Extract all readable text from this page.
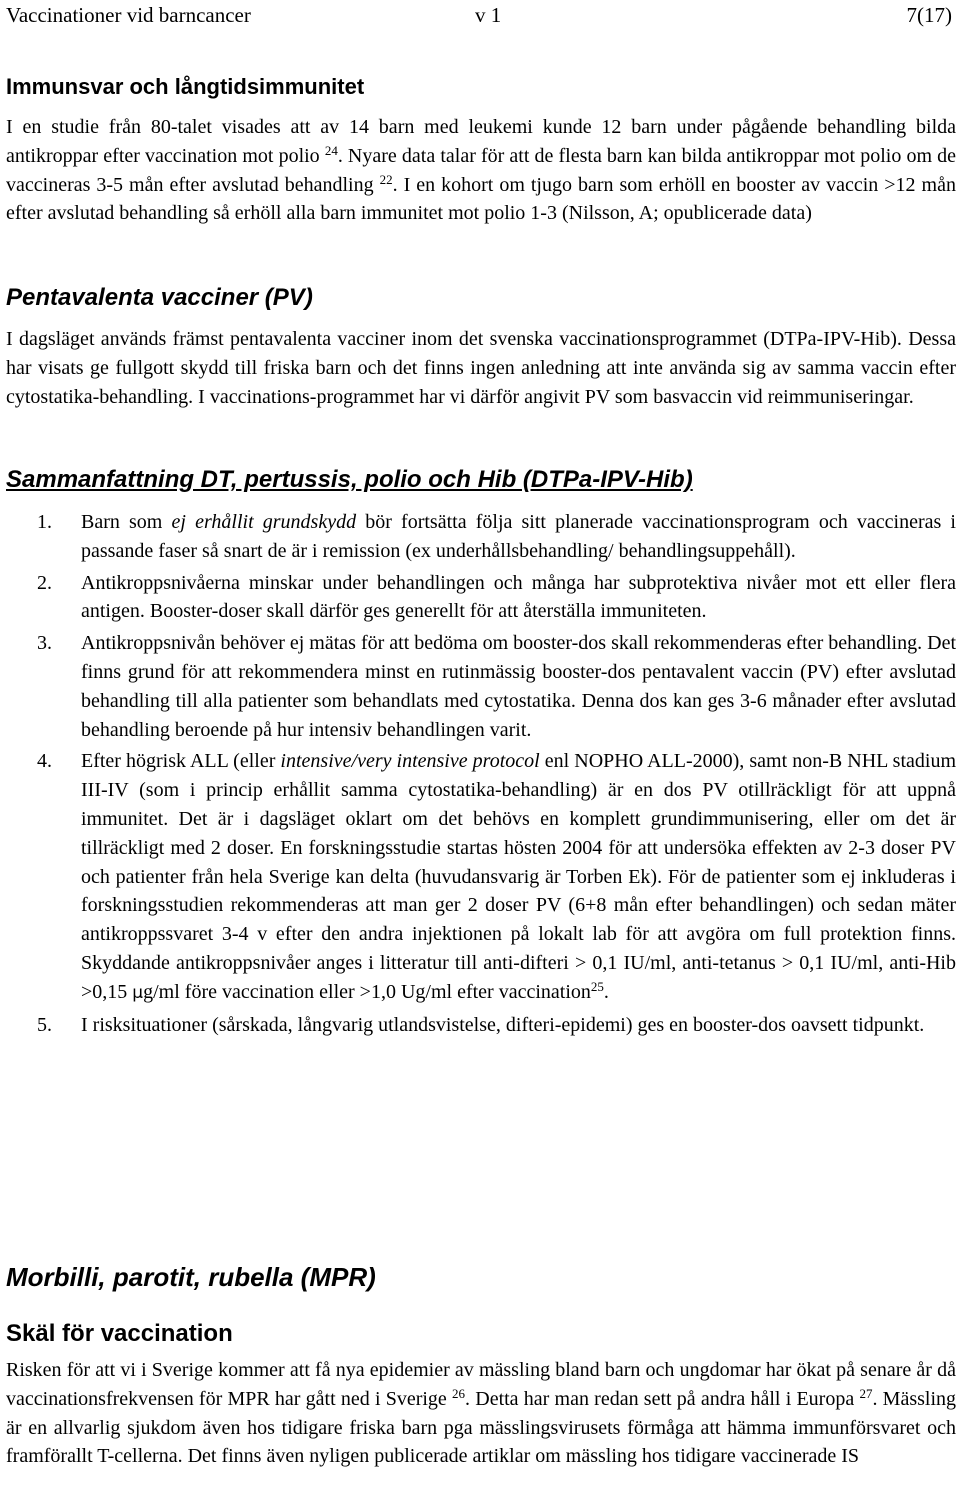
Vaccinationer vid barncancer	v 1	7(17)
Immunsvar och långtidsimmunitet

I en studie från 80-talet visades att av 14 barn med leukemi kunde 12 barn under pågående behandling bilda antikroppar efter vaccination mot polio $^{24}$. Nyare data talar för att de flesta barn kan bilda antikroppar mot polio om de vaccineras 3-5 mån efter avslutad behandling $^{22}$. I en kohort om tjugo barn som erhöll en booster av vaccin >12 mån efter avslutad behandling så erhöll alla barn immunitet mot polio 1-3 (Nilsson, A; opublicerade data)

Pentavalenta vacciner (PV)

I dagsläget används främst pentavalenta vacciner inom det svenska vaccinationsprogrammet (DTPa-IPV-Hib). Dessa har visats ge fullgott skydd till friska barn och det finns ingen anledning att inte använda sig av samma vaccin efter cytostatika-behandling. I vaccinations-programmet har vi därför angivit PV som basvaccin vid reimmuniseringar.

Sammanfattning DT, pertussis, polio och Hib (DTPa-IPV-Hib)
1. Barn som ej erhållit grundskydd bör fortsätta följa sitt planerade vaccinationsprogram och vaccineras i passande faser så snart de är i remission (ex underhållsbehandling/ behandlingsuppehåll).
2. Antikroppsnivåerna minskar under behandlingen och många har subprotektiva nivåer mot ett eller flera antigen. Booster-doser skall därför ges generellt för att återställa immuniteten.
3. Antikroppsnivån behöver ej mätas för att bedöma om booster-dos skall rekommenderas efter behandling. Det finns grund för att rekommendera minst en rutinmässig booster-dos pentavalent vaccin (PV) efter avslutad behandling till alla patienter som behandlats med cytostatika. Denna dos kan ges 3-6 månader efter avslutad behandling beroende på hur intensiv behandlingen varit.
4. Efter högrisk ALL (eller intensive/very intensive protocol enl NOPHO ALL-2000), samt non-B NHL stadium III-IV (som i princip erhållit samma cytostatika-behandling) är en dos PV otillräckligt för att uppnå immunitet. Det är i dagsläget oklart om det behövs en komplett grundimmunisering, eller om det är tillräckligt med 2 doser. En forskningsstudie startas hösten 2004 för att undersöka effekten av 2-3 doser PV och patienter från hela Sverige kan delta (huvudansvarig är Torben Ek). För de patienter som ej inkluderas i forskningsstudien rekommenderas att man ger 2 doser PV (6+8 mån efter behandlingen) och sedan mäter antikroppssvaret 3-4 v efter den andra injektionen på lokalt lab för att avgöra om full protektion finns. Skyddande antikroppsnivåer anges i litteratur till anti-difteri > 0,1 IU/ml, anti-tetanus > 0,1 IU/ml, anti-Hib >0,15 μg/ml före vaccination eller >1,0 Ug/ml efter vaccination$^{25}$.
5. I risksituationer (sårskada, långvarig utlandsvistelse, difteri-epidemi) ges en booster-dos oavsett tidpunkt.
Morbilli, parotit, rubella (MPR)
Skäl för vaccination

Risken för att vi i Sverige kommer att få nya epidemier av mässling bland barn och ungdomar har ökat på senare år då vaccinationsfrekvensen för MPR har gått ned i Sverige $^{26}$. Detta har man redan sett på andra håll i Europa $^{27}$. Mässling är en allvarlig sjukdom även hos tidigare friska barn pga mässlingsvirusets förmåga att hämma immunförsvaret och framförallt T-cellerna. Det finns även nyligen publicerade artiklar om mässling hos tidigare vaccinerade IS
